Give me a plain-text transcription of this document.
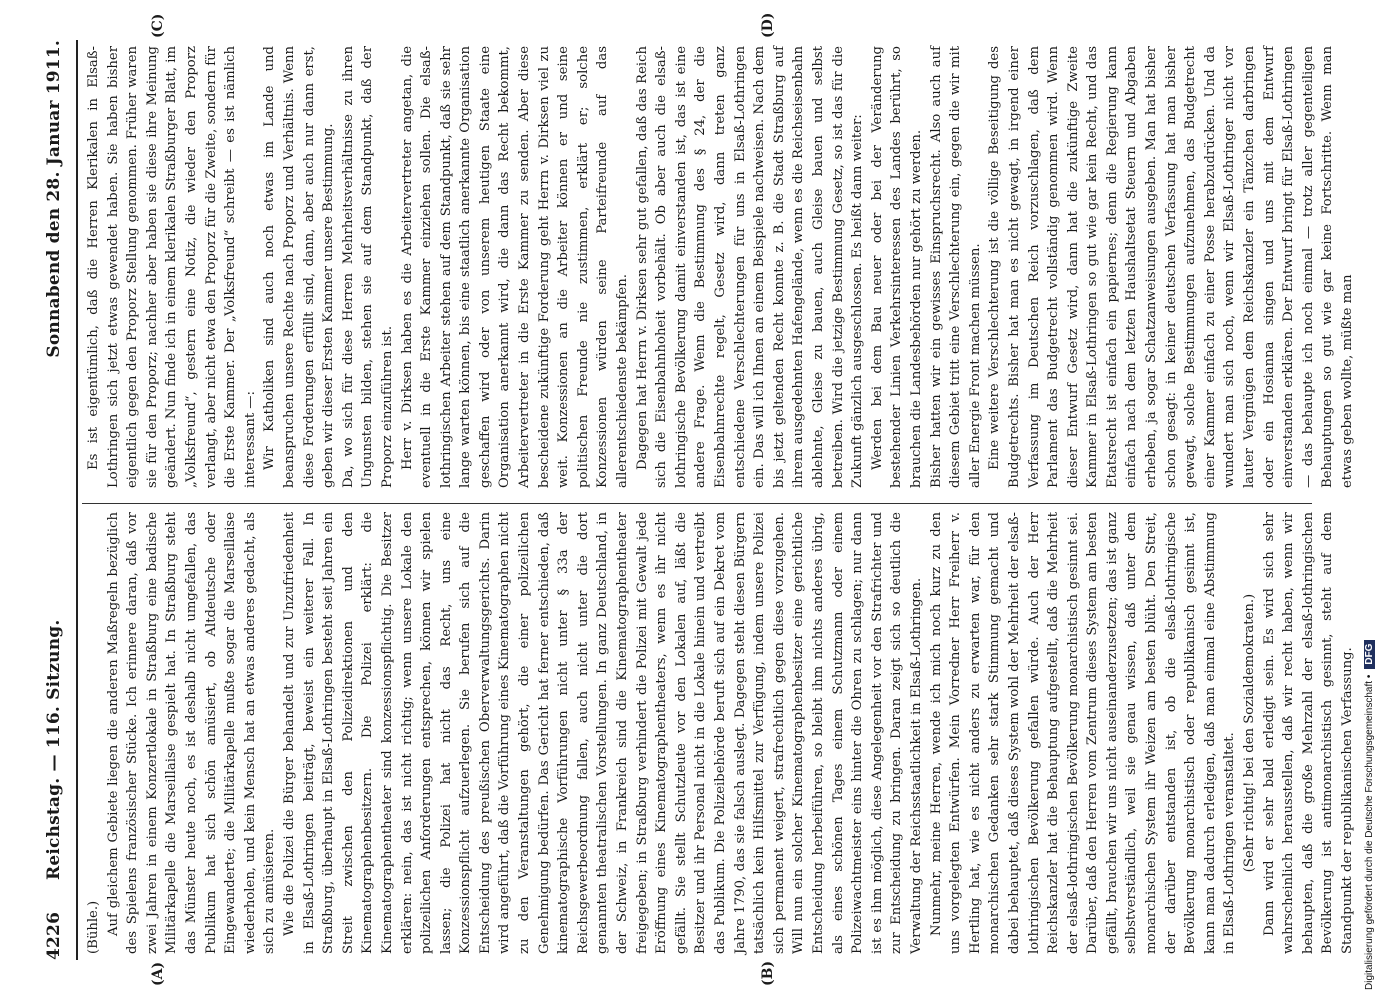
4226
Reichstag. — 116. Sitzung.
Sonnabend den 28. Januar 1911.
(A)	(B)
(C)	(D)

(Bühle.) Auf gleichem Gebiete liegen die anderen Maßregeln bezüglich des Spielens französischer Stücke. Ich erinnere daran, daß vor zwei Jahren in einem Konzertlokale in Straßburg eine badische Militärkapelle die Marseillaise gespielt hat. In Straßburg steht das Münster heute noch, es ist deshalb nicht umgefallen, das Publikum hat sich schön amüsiert, ob Altdeutsche oder Eingewanderte; die Militärkapelle mußte sogar die Marseillaise wiederholen, und kein Mensch hat an etwas anderes gedacht, als sich zu amüsieren. Wie die Polizei die Bürger behandelt und zur Unzufriedenheit in Elsaß-Lothringen beiträgt, beweist ein weiterer Fall. In Straßburg, überhaupt in Elsaß-Lothringen besteht seit Jahren ein Streit zwischen den Polizeidirektionen und den Kinematographenbesitzern. Die Polizei erklärt: die Kinematographentheater sind konzessionspflichtig. Die Besitzer erklären: nein, das ist nicht richtig; wenn unsere Lokale den polizeilichen Anforderungen entsprechen, können wir spielen lassen; die Polizei hat nicht das Recht, uns eine Konzessionspflicht aufzuerlegen. Sie berufen sich auf die Entscheidung des preußischen Oberverwaltungsgerichts. Darin wird angeführt, daß die Vorführung eines Kinematographen nicht zu den Veranstaltungen gehört, die einer polizeilichen Genehmigung bedürfen. Das Gericht hat ferner entschieden, daß kinematographische Vorführungen nicht unter § 33a der Reichsgewerbeordnung fallen, auch nicht unter die dort genannten theatralischen Vorstellungen. In ganz Deutschland, in der Schweiz, in Frankreich sind die Kinematographentheater freigegeben; in Straßburg verhindert die Polizei mit Gewalt jede Eröffnung eines Kinematographentheaters, wenn es ihr nicht gefällt. Sie stellt Schutzleute vor den Lokalen auf, läßt die Besitzer und ihr Personal nicht in die Lokale hinein und vertreibt das Publikum. Die Polizeibehörde beruft sich auf ein Dekret vom Jahre 1790, das sie falsch auslegt. Dagegen steht diesen Bürgern tatsächlich kein Hilfsmittel zur Verfügung, indem unsere Polizei sich permanent weigert, strafrechtlich gegen diese vorzugehen. Will nun ein solcher Kinematographenbesitzer eine gerichtliche Entscheidung herbeiführen, so bleibt ihm nichts anderes übrig, als eines schönen Tages einem Schutzmann oder einem Polizeiwachtmeister eins hinter die Ohren zu schlagen; nur dann ist es ihm möglich, diese Angelegenheit vor den Strafrichter und zur Entscheidung zu bringen. Daran zeigt sich so deutlich die Verwaltung der Reichsstaatlichkeit in Elsaß-Lothringen. Nunmehr, meine Herren, wende ich mich noch kurz zu den uns vorgelegten Entwürfen. Mein Vorredner Herr Freiherr v. Hertling hat, wie es nicht anders zu erwarten war, für den monarchischen Gedanken sehr stark Stimmung gemacht und dabei behauptet, daß dieses System wohl der Mehrheit der elsaß-lothringischen Bevölkerung gefallen würde. Auch der Herr Reichskanzler hat die Behauptung aufgestellt, daß die Mehrheit der elsaß-lothringischen Bevölkerung monarchistisch gesinnt sei. Darüber, daß den Herren vom Zentrum dieses System am besten gefällt, brauchen wir uns nicht auseinanderzusetzen; das ist ganz selbstverständlich, weil sie genau wissen, daß unter dem monarchischen System ihr Weizen am besten blüht. Den Streit, der darüber entstanden ist, ob die elsaß-lothringische Bevölkerung monarchistisch oder republikanisch gesinnt ist, kann man dadurch erledigen, daß man einmal eine Abstimmung in Elsaß-Lothringen veranstaltet. (Sehr richtig! bei den Sozialdemokraten.) Dann wird er sehr bald erledigt sein. Es wird sich sehr wahrscheinlich herausstellen, daß wir recht haben, wenn wir behaupten, daß die große Mehrzahl der elsaß-lothringischen Bevölkerung ist antimonarchistisch gesinnt, steht auf dem Standpunkt der republikanischen Verfassung.

Es ist eigentümlich, daß die Herren Klerikalen in Elsaß-Lothringen sich jetzt etwas gewendet haben. Sie haben bisher eigentlich gegen den Proporz Stellung genommen. Früher waren sie für den Proporz; nachher aber haben sie diese ihre Meinung geändert. Nun finde ich in einem klerikalen Straßburger Blatt, im „Volksfreund“, gestern eine Notiz, die wieder den Proporz verlangt, aber nicht etwa den Proporz für die Zweite, sondern für die Erste Kammer. Der „Volksfreund“ schreibt — es ist nämlich interessant —: Wir Katholiken sind auch noch etwas im Lande und beanspruchen unsere Rechte nach Proporz und Verhältnis. Wenn diese Forderungen erfüllt sind, dann, aber auch nur dann erst, geben wir dieser Ersten Kammer unsere Bestimmung. Da, wo sich für diese Herren Mehrheitsverhältnisse zu ihren Ungunsten bilden, stehen sie auf dem Standpunkt, daß der Proporz einzuführen ist. Herr v. Dirksen haben es die Arbeitervertreter angetan, die eventuell in die Erste Kammer einziehen sollen. Die elsaß-lothringischen Arbeiter stehen auf dem Standpunkt, daß sie sehr lange warten können, bis eine staatlich anerkannte Organisation geschaffen wird oder von unserem heutigen Staate eine Organisation anerkannt wird, die dann das Recht bekommt, Arbeitervertreter in die Erste Kammer zu senden. Aber diese bescheidene zukünftige Forderung geht Herrn v. Dirksen viel zu weit. Konzessionen an die Arbeiter können er und seine politischen Freunde nie zustimmen, erklärt er; solche Konzessionen würden seine Parteifreunde auf das allerentschiedenste bekämpfen. Dagegen hat Herrn v. Dirksen sehr gut gefallen, daß das Reich sich die Eisenbahnhoheit vorbehält. Ob aber auch die elsaß-lothringische Bevölkerung damit einverstanden ist, das ist eine andere Frage. Wenn die Bestimmung des § 24, der die Eisenbahnrechte regelt, Gesetz wird, dann treten ganz entschiedene Verschlechterungen für uns in Elsaß-Lothringen ein. Das will ich Ihnen an einem Beispiele nachweisen. Nach dem bis jetzt geltenden Recht konnte z. B. die Stadt Straßburg auf ihrem ausgedehnten Hafengelände, wenn es die Reichseisenbahn ablehnte, Gleise zu bauen, auch Gleise bauen und selbst betreiben. Wird die jetzige Bestimmung Gesetz, so ist das für die Zukunft gänzlich ausgeschlossen. Es heißt dann weiter: Werden bei dem Bau neuer oder bei der Veränderung bestehender Linien Verkehrsinteressen des Landes berührt, so brauchen die Landesbehörden nur gehört zu werden. Bisher hatten wir ein gewisses Einspruchsrecht. Also auch auf diesem Gebiet tritt eine Verschlechterung ein, gegen die wir mit aller Energie Front machen müssen. Eine weitere Verschlechterung ist die völlige Beseitigung des Budgetrechts. Bisher hat man es nicht gewagt, in irgend einer Verfassung im Deutschen Reich vorzuschlagen, daß dem Parlament das Budgetrecht vollständig genommen wird. Wenn dieser Entwurf Gesetz wird, dann hat die zukünftige Zweite Kammer in Elsaß-Lothringen so gut wie gar kein Recht, und das Etatsrecht ist einfach ein papiernes; denn die Regierung kann einfach nach dem letzten Haushaltsetat Steuern und Abgaben erheben, ja sogar Schatzanweisungen ausgeben. Man hat bisher schon gesagt: in keiner deutschen Verfassung hat man bisher gewagt, solche Bestimmungen aufzunehmen, das Budgetrecht einer Kammer einfach zu einer Posse herabzudrücken. Und da wundert man sich noch, wenn wir Elsaß-Lothringer nicht vor lauter Vergnügen dem Reichskanzler ein Tänzchen darbringen oder ein Hosianna singen und uns mit dem Entwurf einverstanden erklären. Der Entwurf bringt für Elsaß-Lothringen — das behaupte ich noch einmal — trotz aller gegenteiligen Behauptungen so gut wie gar keine Fortschritte. Wenn man etwas geben wollte, müßte man

Digitalisierung gefördert durch die Deutsche Forschungsgemeinschaft •DFG
